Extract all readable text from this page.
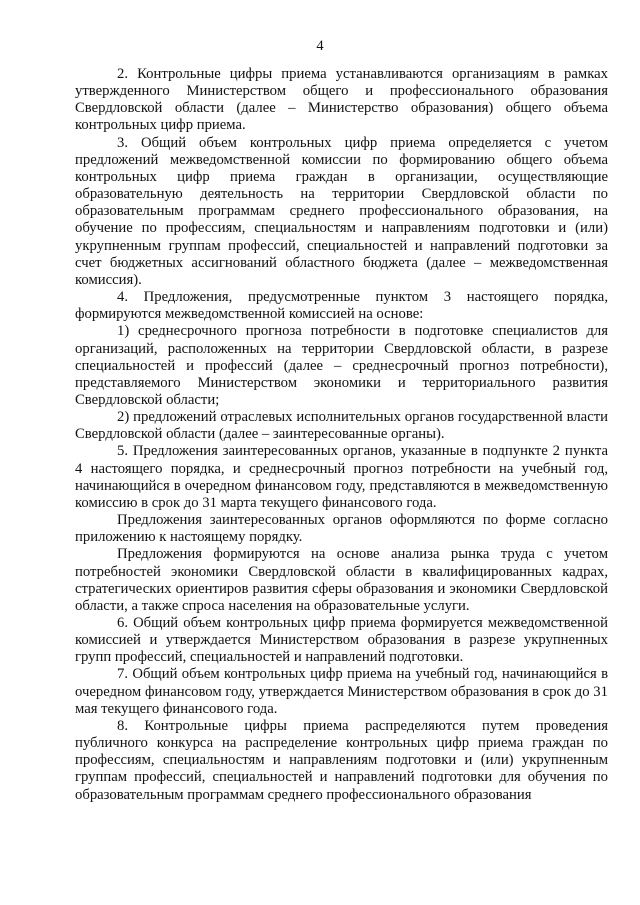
4

2. Контрольные цифры приема устанавливаются организациям в рамках утвержденного Министерством общего и профессионального образования Свердловской области (далее – Министерство образования) общего объема контрольных цифр приема.

3. Общий объем контрольных цифр приема определяется с учетом предложений межведомственной комиссии по формированию общего объема контрольных цифр приема граждан в организации, осуществляющие образовательную деятельность на территории Свердловской области по образовательным программам среднего профессионального образования, на обучение по профессиям, специальностям и направлениям подготовки и (или) укрупненным группам профессий, специальностей и направлений подготовки за счет бюджетных ассигнований областного бюджета (далее – межведомственная комиссия).

4. Предложения, предусмотренные пунктом 3 настоящего порядка, формируются межведомственной комиссией на основе:

1) среднесрочного прогноза потребности в подготовке специалистов для организаций, расположенных на территории Свердловской области, в разрезе специальностей и профессий (далее – среднесрочный прогноз потребности), представляемого Министерством экономики и территориального развития Свердловской области;

2) предложений отраслевых исполнительных органов государственной власти Свердловской области (далее – заинтересованные органы).

5. Предложения заинтересованных органов, указанные в подпункте 2 пункта 4 настоящего порядка, и среднесрочный прогноз потребности на учебный год, начинающийся в очередном финансовом году, представляются в межведомственную комиссию в срок до 31 марта текущего финансового года.

Предложения заинтересованных органов оформляются по форме согласно приложению к настоящему порядку.

Предложения формируются на основе анализа рынка труда с учетом потребностей экономики Свердловской области в квалифицированных кадрах, стратегических ориентиров развития сферы образования и экономики Свердловской области, а также спроса населения на образовательные услуги.

6. Общий объем контрольных цифр приема формируется межведомственной комиссией и утверждается Министерством образования в разрезе укрупненных групп профессий, специальностей и направлений подготовки.

7. Общий объем контрольных цифр приема на учебный год, начинающийся в очередном финансовом году, утверждается Министерством образования в срок до 31 мая текущего финансового года.

8. Контрольные цифры приема распределяются путем проведения публичного конкурса на распределение контрольных цифр приема граждан по профессиям, специальностям и направлениям подготовки и (или) укрупненным группам профессий, специальностей и направлений подготовки для обучения по образовательным программам среднего профессионального образования
